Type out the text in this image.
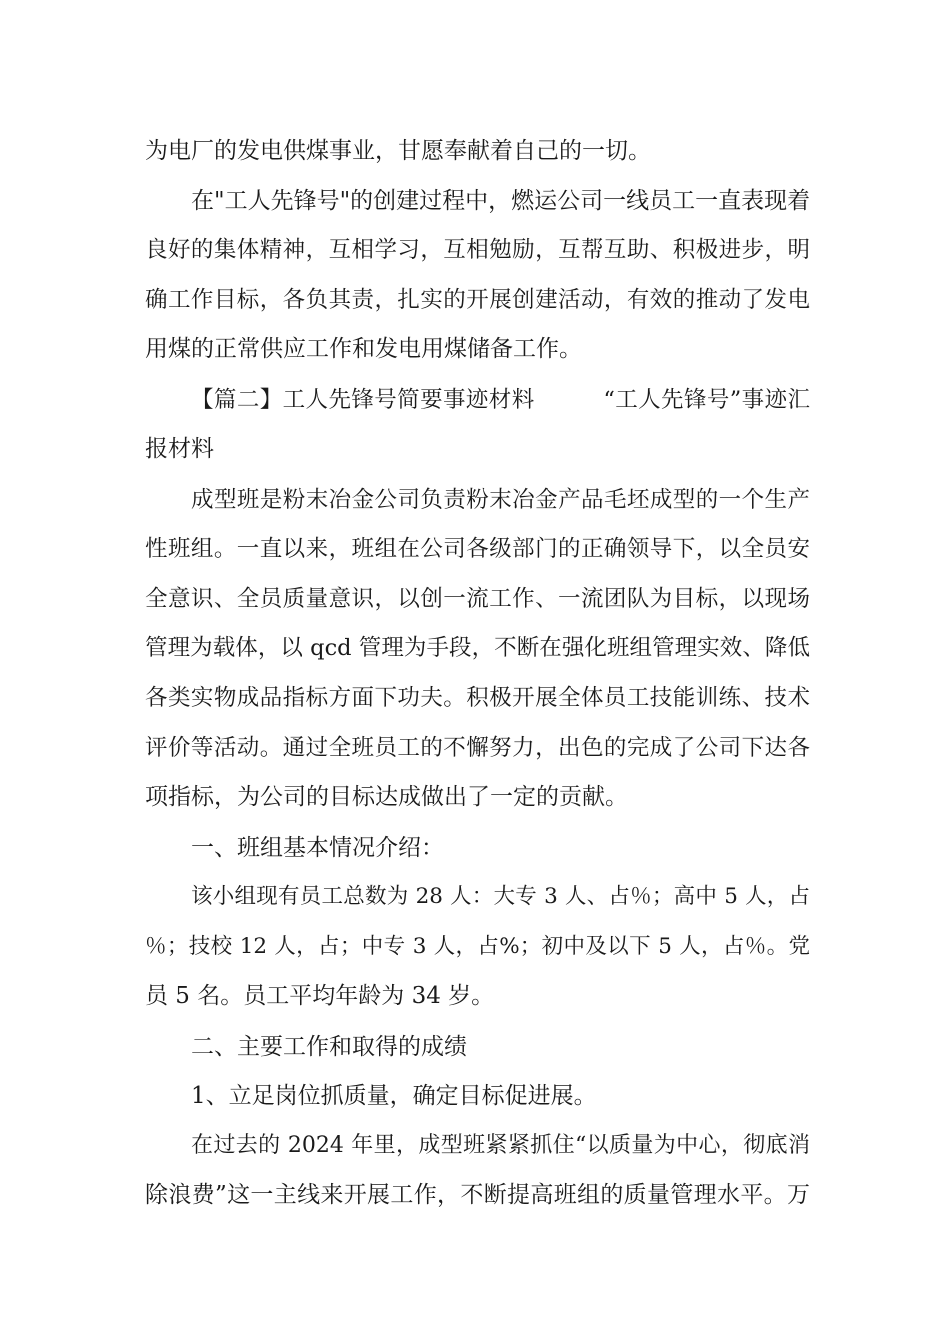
为电厂的发电供煤事业，甘愿奉献着自己的一切。
在"工人先锋号"的创建过程中，燃运公司一线员工一直表现着
良好的集体精神，互相学习，互相勉励，互帮互助、积极进步，明
确工作目标，各负其责，扎实的开展创建活动，有效的推动了发电
用煤的正常供应工作和发电用煤储备工作。
【篇二】工人先锋号简要事迹材料　　　“工人先锋号”事迹汇
报材料
成型班是粉末冶金公司负责粉末冶金产品毛坯成型的一个生产
性班组。一直以来，班组在公司各级部门的正确领导下，以全员安
全意识、全员质量意识，以创一流工作、一流团队为目标，以现场
管理为载体，以 qcd 管理为手段，不断在强化班组管理实效、降低
各类实物成品指标方面下功夫。积极开展全体员工技能训练、技术
评价等活动。通过全班员工的不懈努力，出色的完成了公司下达各
项指标，为公司的目标达成做出了一定的贡献。
一、班组基本情况介绍：
该小组现有员工总数为 28 人：大专 3 人、占％；高中 5 人，占
％；技校 12 人，占；中专 3 人，占%；初中及以下 5 人，占％。党
员 5 名。员工平均年龄为 34 岁。
二、主要工作和取得的成绩
1、立足岗位抓质量，确定目标促进展。
在过去的 2024 年里，成型班紧紧抓住“以质量为中心，彻底消
除浪费”这一主线来开展工作，不断提高班组的质量管理水平。万
